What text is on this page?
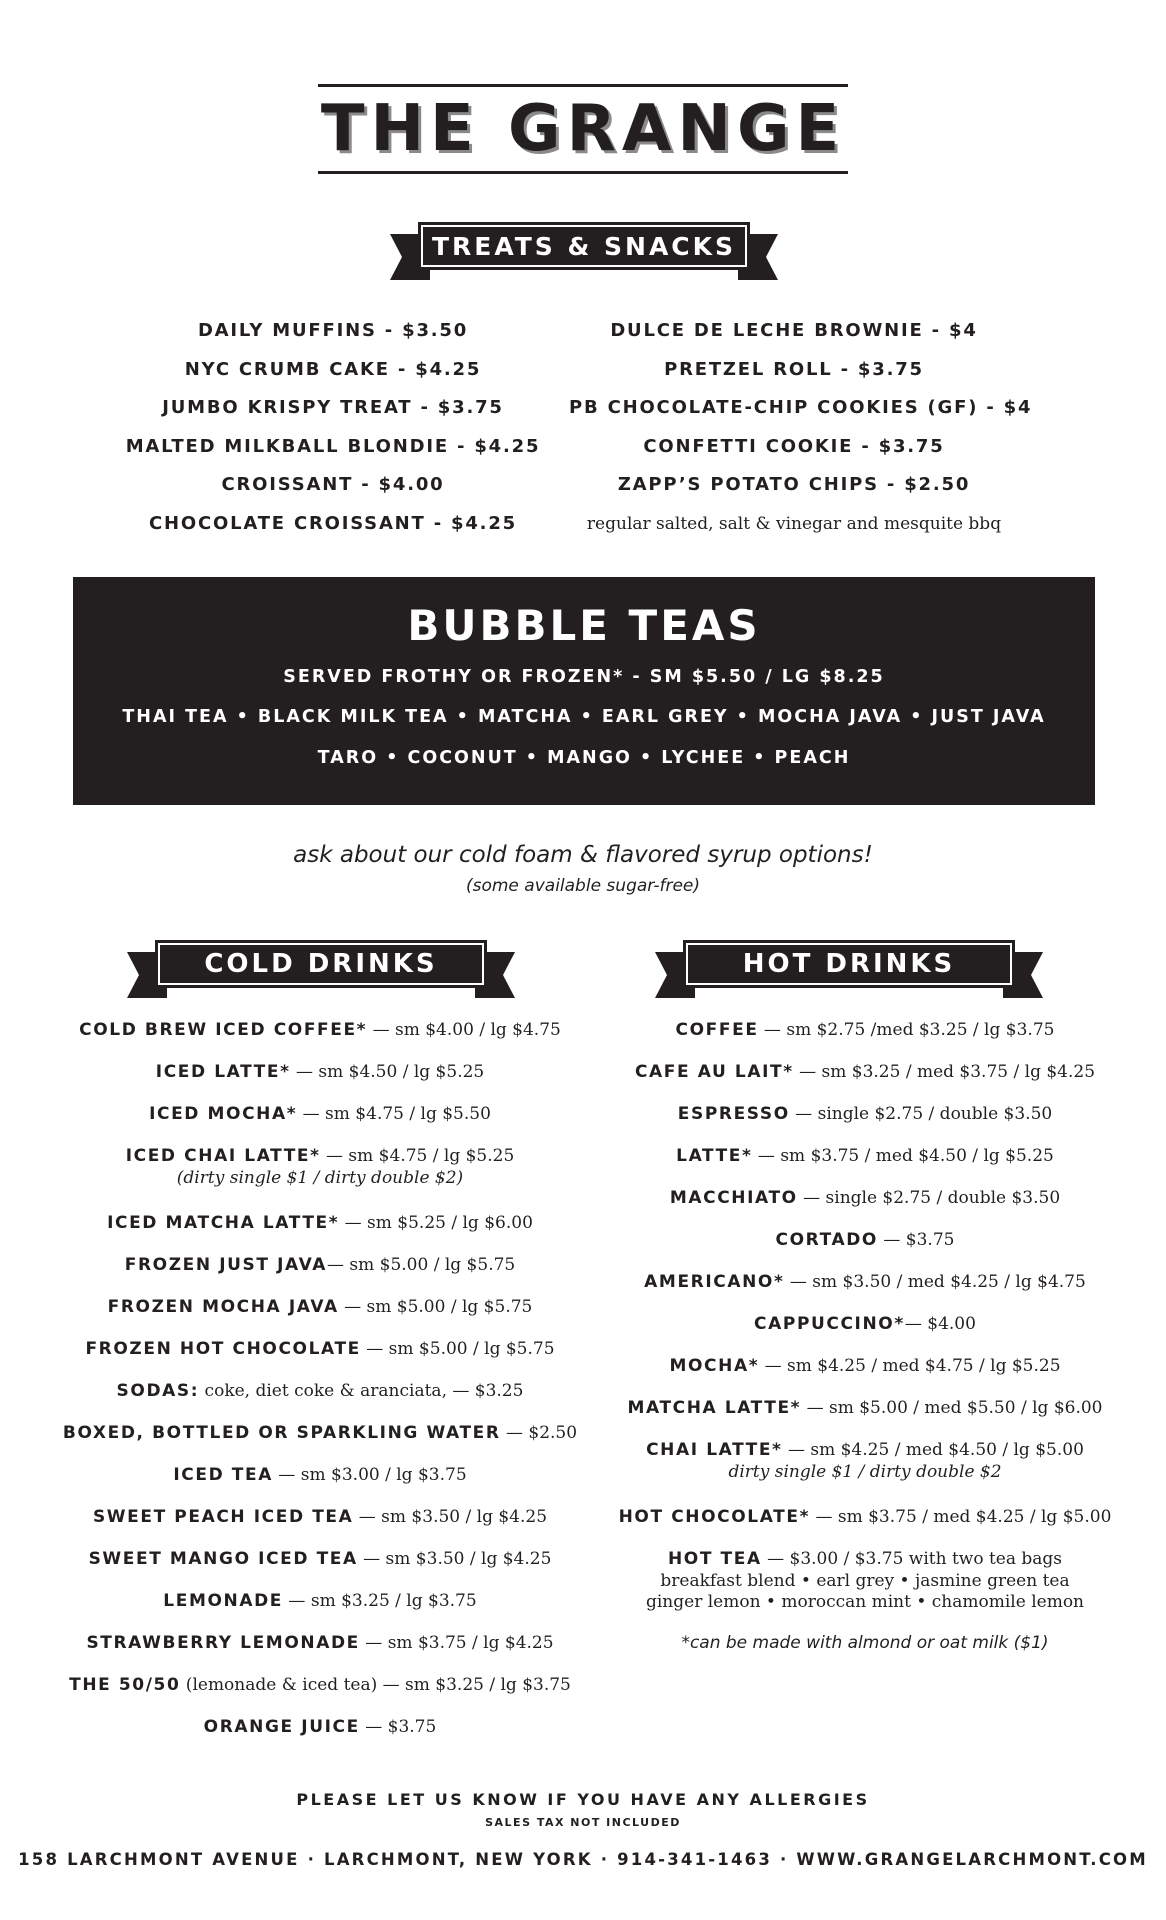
THE GRANGE
TREATS & SNACKS
DAILY MUFFINS - $3.50
NYC CRUMB CAKE - $4.25
JUMBO KRISPY TREAT - $3.75
MALTED MILKBALL BLONDIE - $4.25
CROISSANT - $4.00
CHOCOLATE CROISSANT - $4.25
DULCE DE LECHE BROWNIE - $4
PRETZEL ROLL - $3.75
PB CHOCOLATE-CHIP COOKIES (GF) - $4
CONFETTI COOKIE - $3.75
ZAPP’S POTATO CHIPS - $2.50
regular salted, salt & vinegar and mesquite bbq
BUBBLE TEAS
SERVED FROTHY OR FROZEN* - SM $5.50 / LG $8.25
THAI TEA • BLACK MILK TEA • MATCHA • EARL GREY • MOCHA JAVA • JUST JAVA
TARO • COCONUT • MANGO • LYCHEE • PEACH
ask about our cold foam & flavored syrup options!
(some available sugar-free)
COLD DRINKS	HOT DRINKS
COLD BREW ICED COFFEE* — sm $4.00 / lg $4.75
ICED LATTE* — sm $4.50 / lg $5.25
ICED MOCHA* — sm $4.75 / lg $5.50
ICED CHAI LATTE* — sm $4.75 / lg $5.25
(dirty single $1 / dirty double $2)
ICED MATCHA LATTE* — sm $5.25 / lg $6.00
FROZEN JUST JAVA— sm $5.00 / lg $5.75
FROZEN MOCHA JAVA — sm $5.00 / lg $5.75
FROZEN HOT CHOCOLATE — sm $5.00 / lg $5.75
SODAS: coke, diet coke & aranciata, — $3.25
BOXED, BOTTLED OR SPARKLING WATER — $2.50
ICED TEA — sm $3.00 / lg $3.75
SWEET PEACH ICED TEA — sm $3.50 / lg $4.25
SWEET MANGO ICED TEA — sm $3.50 / lg $4.25
LEMONADE — sm $3.25 / lg $3.75
STRAWBERRY LEMONADE — sm $3.75 / lg $4.25
THE 50/50 (lemonade & iced tea) — sm $3.25 / lg $3.75
ORANGE JUICE — $3.75
COFFEE — sm $2.75 /med $3.25 / lg $3.75
CAFE AU LAIT* — sm $3.25 / med $3.75 / lg $4.25
ESPRESSO — single $2.75 / double $3.50
LATTE* — sm $3.75 / med $4.50 / lg $5.25
MACCHIATO — single $2.75 / double $3.50
CORTADO — $3.75
AMERICANO* — sm $3.50 / med $4.25 / lg $4.75
CAPPUCCINO*— $4.00
MOCHA* — sm $4.25 / med $4.75 / lg $5.25
MATCHA LATTE* — sm $5.00 / med $5.50 / lg $6.00
CHAI LATTE* — sm $4.25 / med $4.50 / lg $5.00
dirty single $1 / dirty double $2
HOT CHOCOLATE* — sm $3.75 / med $4.25 / lg $5.00
HOT TEA — $3.00 / $3.75 with two tea bags
breakfast blend • earl grey • jasmine green tea
ginger lemon • moroccan mint • chamomile lemon
*can be made with almond or oat milk ($1)
PLEASE LET US KNOW IF YOU HAVE ANY ALLERGIES
SALES TAX NOT INCLUDED
158 LARCHMONT AVENUE · LARCHMONT, NEW YORK · 914-341-1463 · WWW.GRANGELARCHMONT.COM
